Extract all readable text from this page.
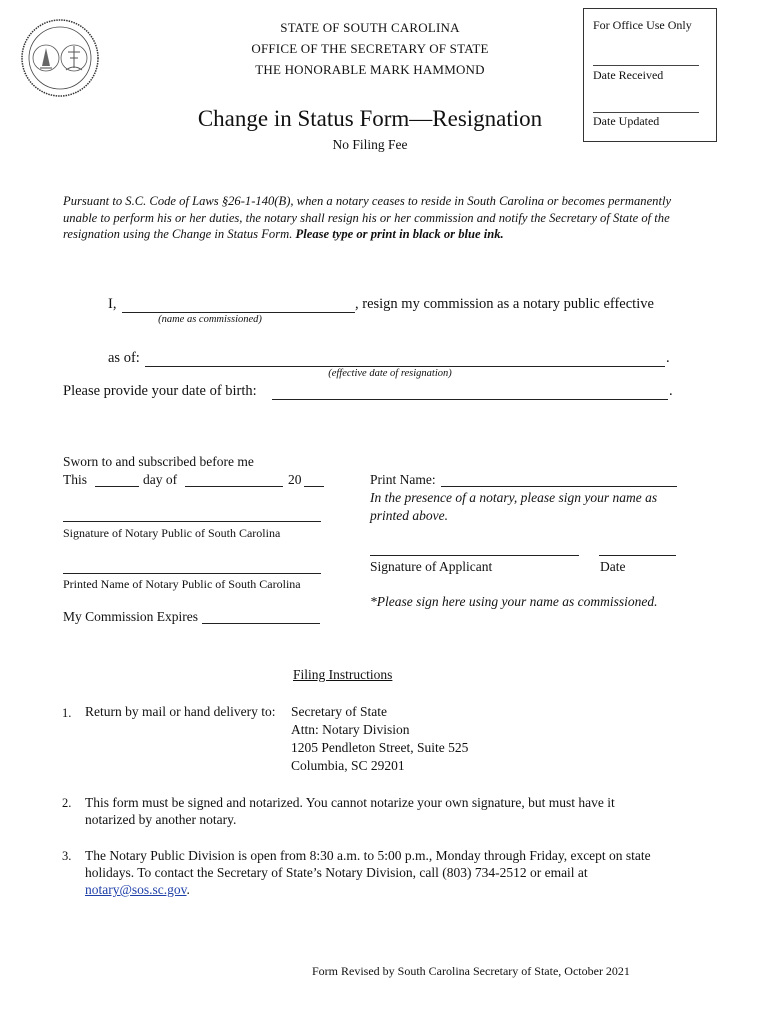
STATE OF SOUTH CAROLINA
OFFICE OF THE SECRETARY OF STATE
THE HONORABLE MARK HAMMOND
Change in Status Form—Resignation
No Filing Fee
For Office Use Only
Date Received
Date Updated
Pursuant to S.C. Code of Laws §26-1-140(B), when a notary ceases to reside in South Carolina or becomes permanently unable to perform his or her duties, the notary shall resign his or her commission and notify the Secretary of State of the resignation using the Change in Status Form. Please type or print in black or blue ink.
I,	, resign my commission as a notary public effective
(name as commissioned)
as of:	.
(effective date of resignation)
Please provide your date of birth:	.
Sworn to and subscribed before me
This	day of	20
Signature of Notary Public of South Carolina
Printed Name of Notary Public of South Carolina
My Commission Expires
Print Name:
In the presence of a notary, please sign your name as printed above.
Signature of Applicant	Date
*Please sign here using your name as commissioned.
Filing Instructions
1. Return by mail or hand delivery to: Secretary of State
Attn: Notary Division
1205 Pendleton Street, Suite 525
Columbia, SC 29201
2. This form must be signed and notarized. You cannot notarize your own signature, but must have it notarized by another notary.
3. The Notary Public Division is open from 8:30 a.m. to 5:00 p.m., Monday through Friday, except on state holidays. To contact the Secretary of State’s Notary Division, call (803) 734-2512 or email at notary@sos.sc.gov.
Form Revised by South Carolina Secretary of State, October 2021
